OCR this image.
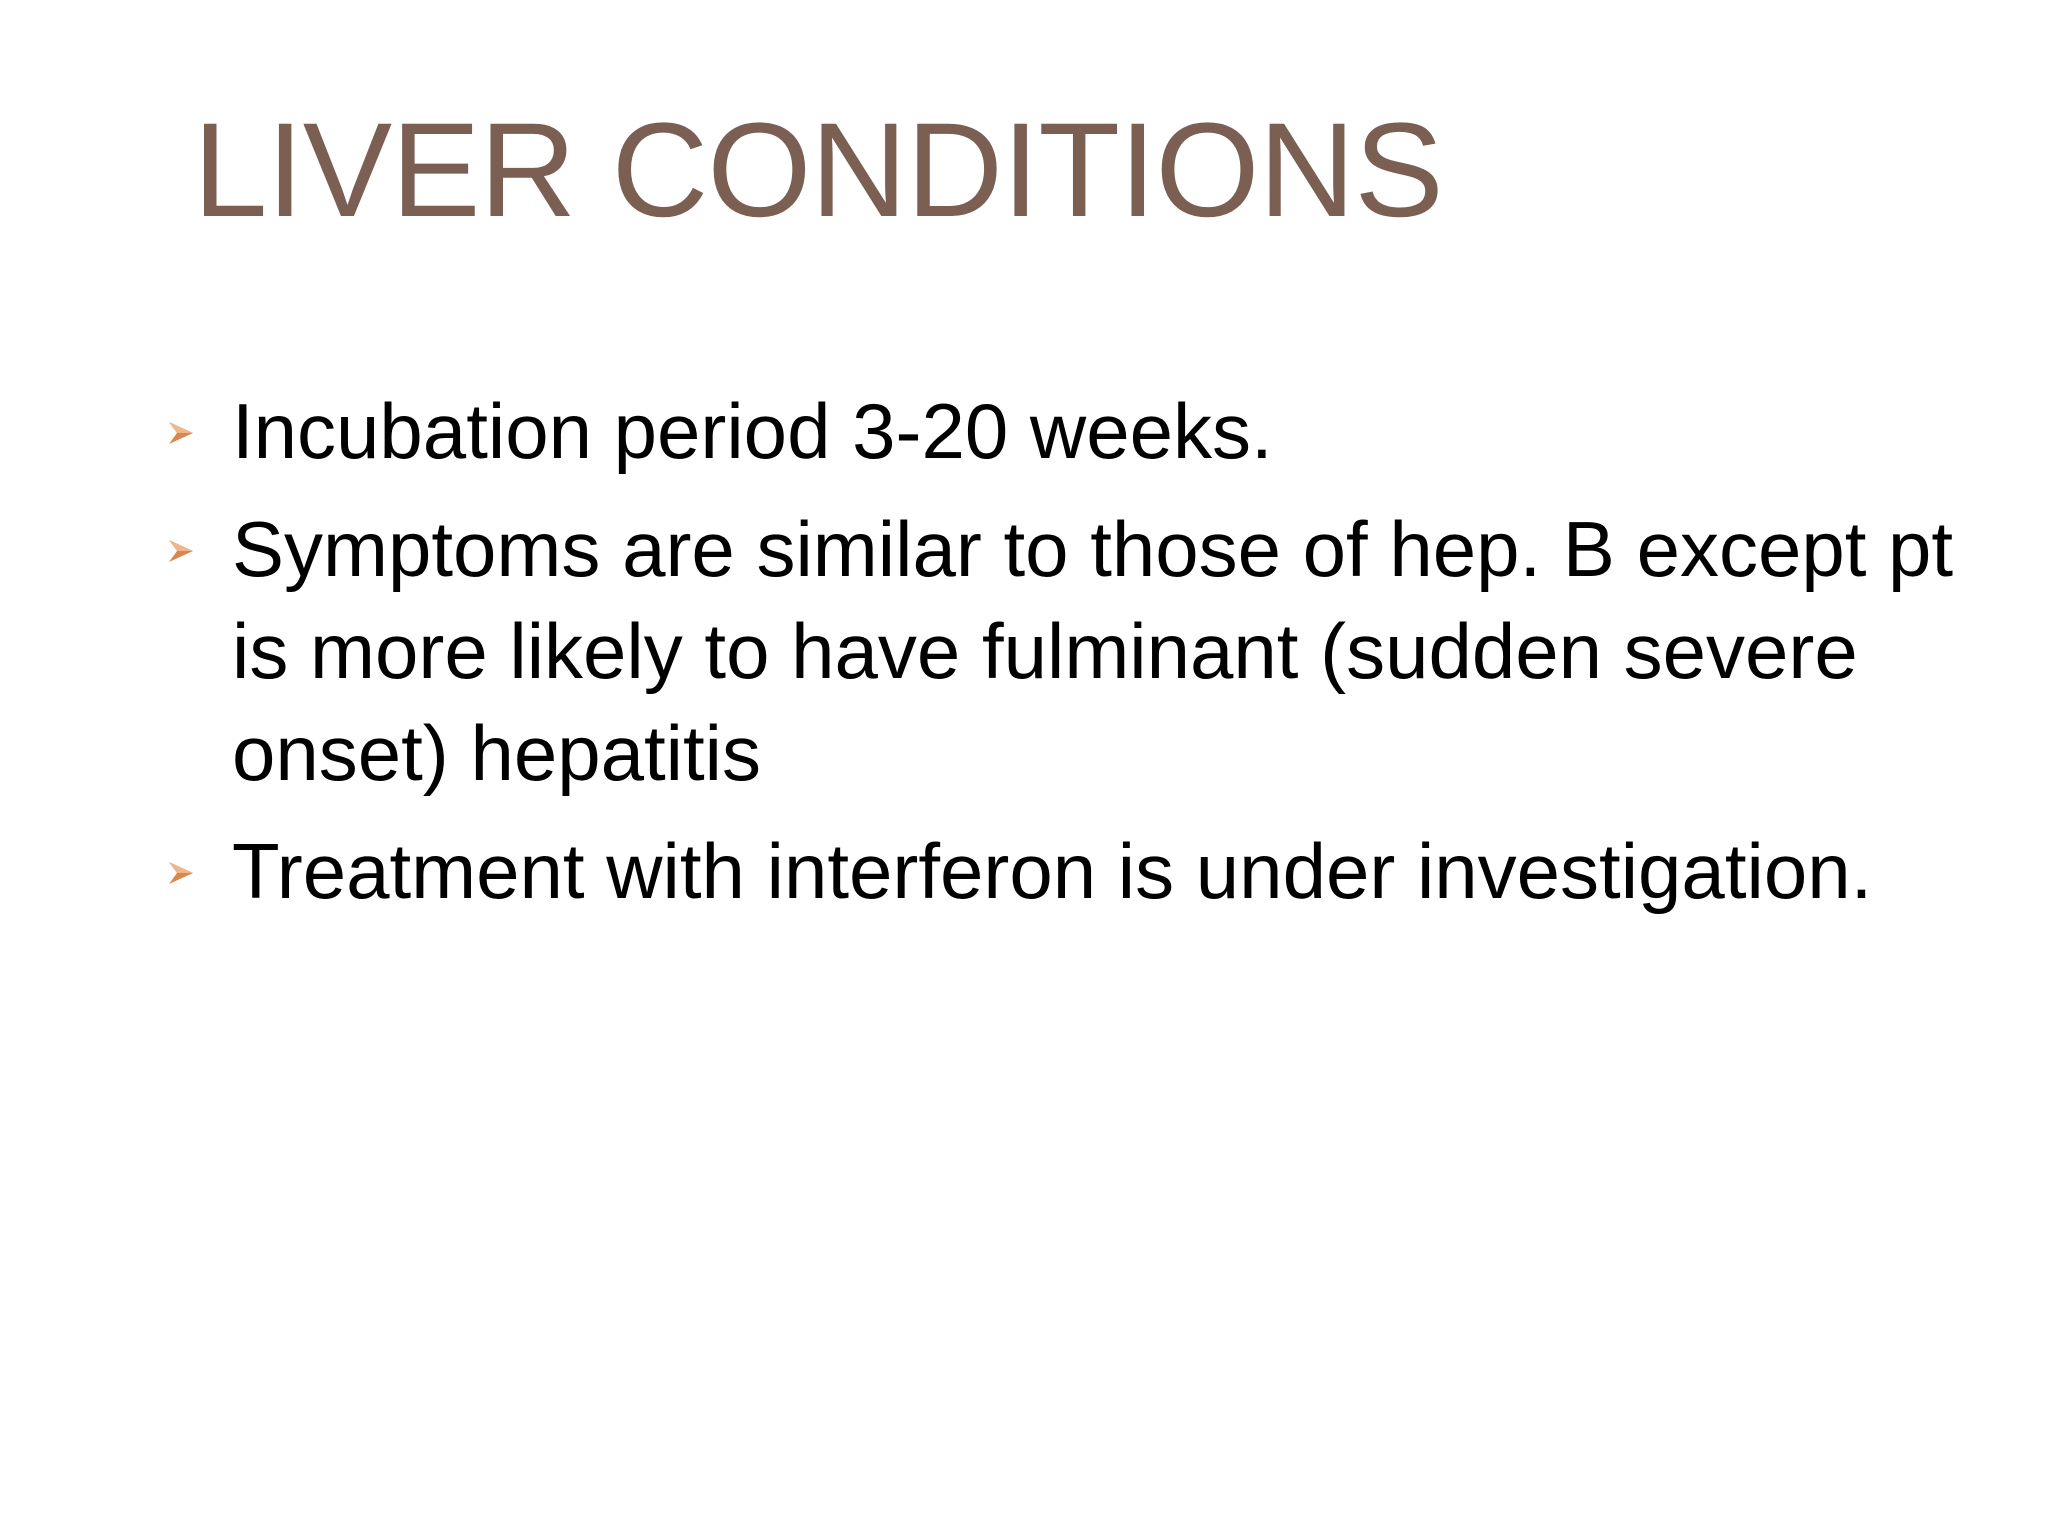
LIVER CONDITIONS
Incubation period 3-20 weeks.
Symptoms are similar to those of hep. B except pt is more likely to have fulminant (sudden severe onset) hepatitis
Treatment with interferon is under investigation.
